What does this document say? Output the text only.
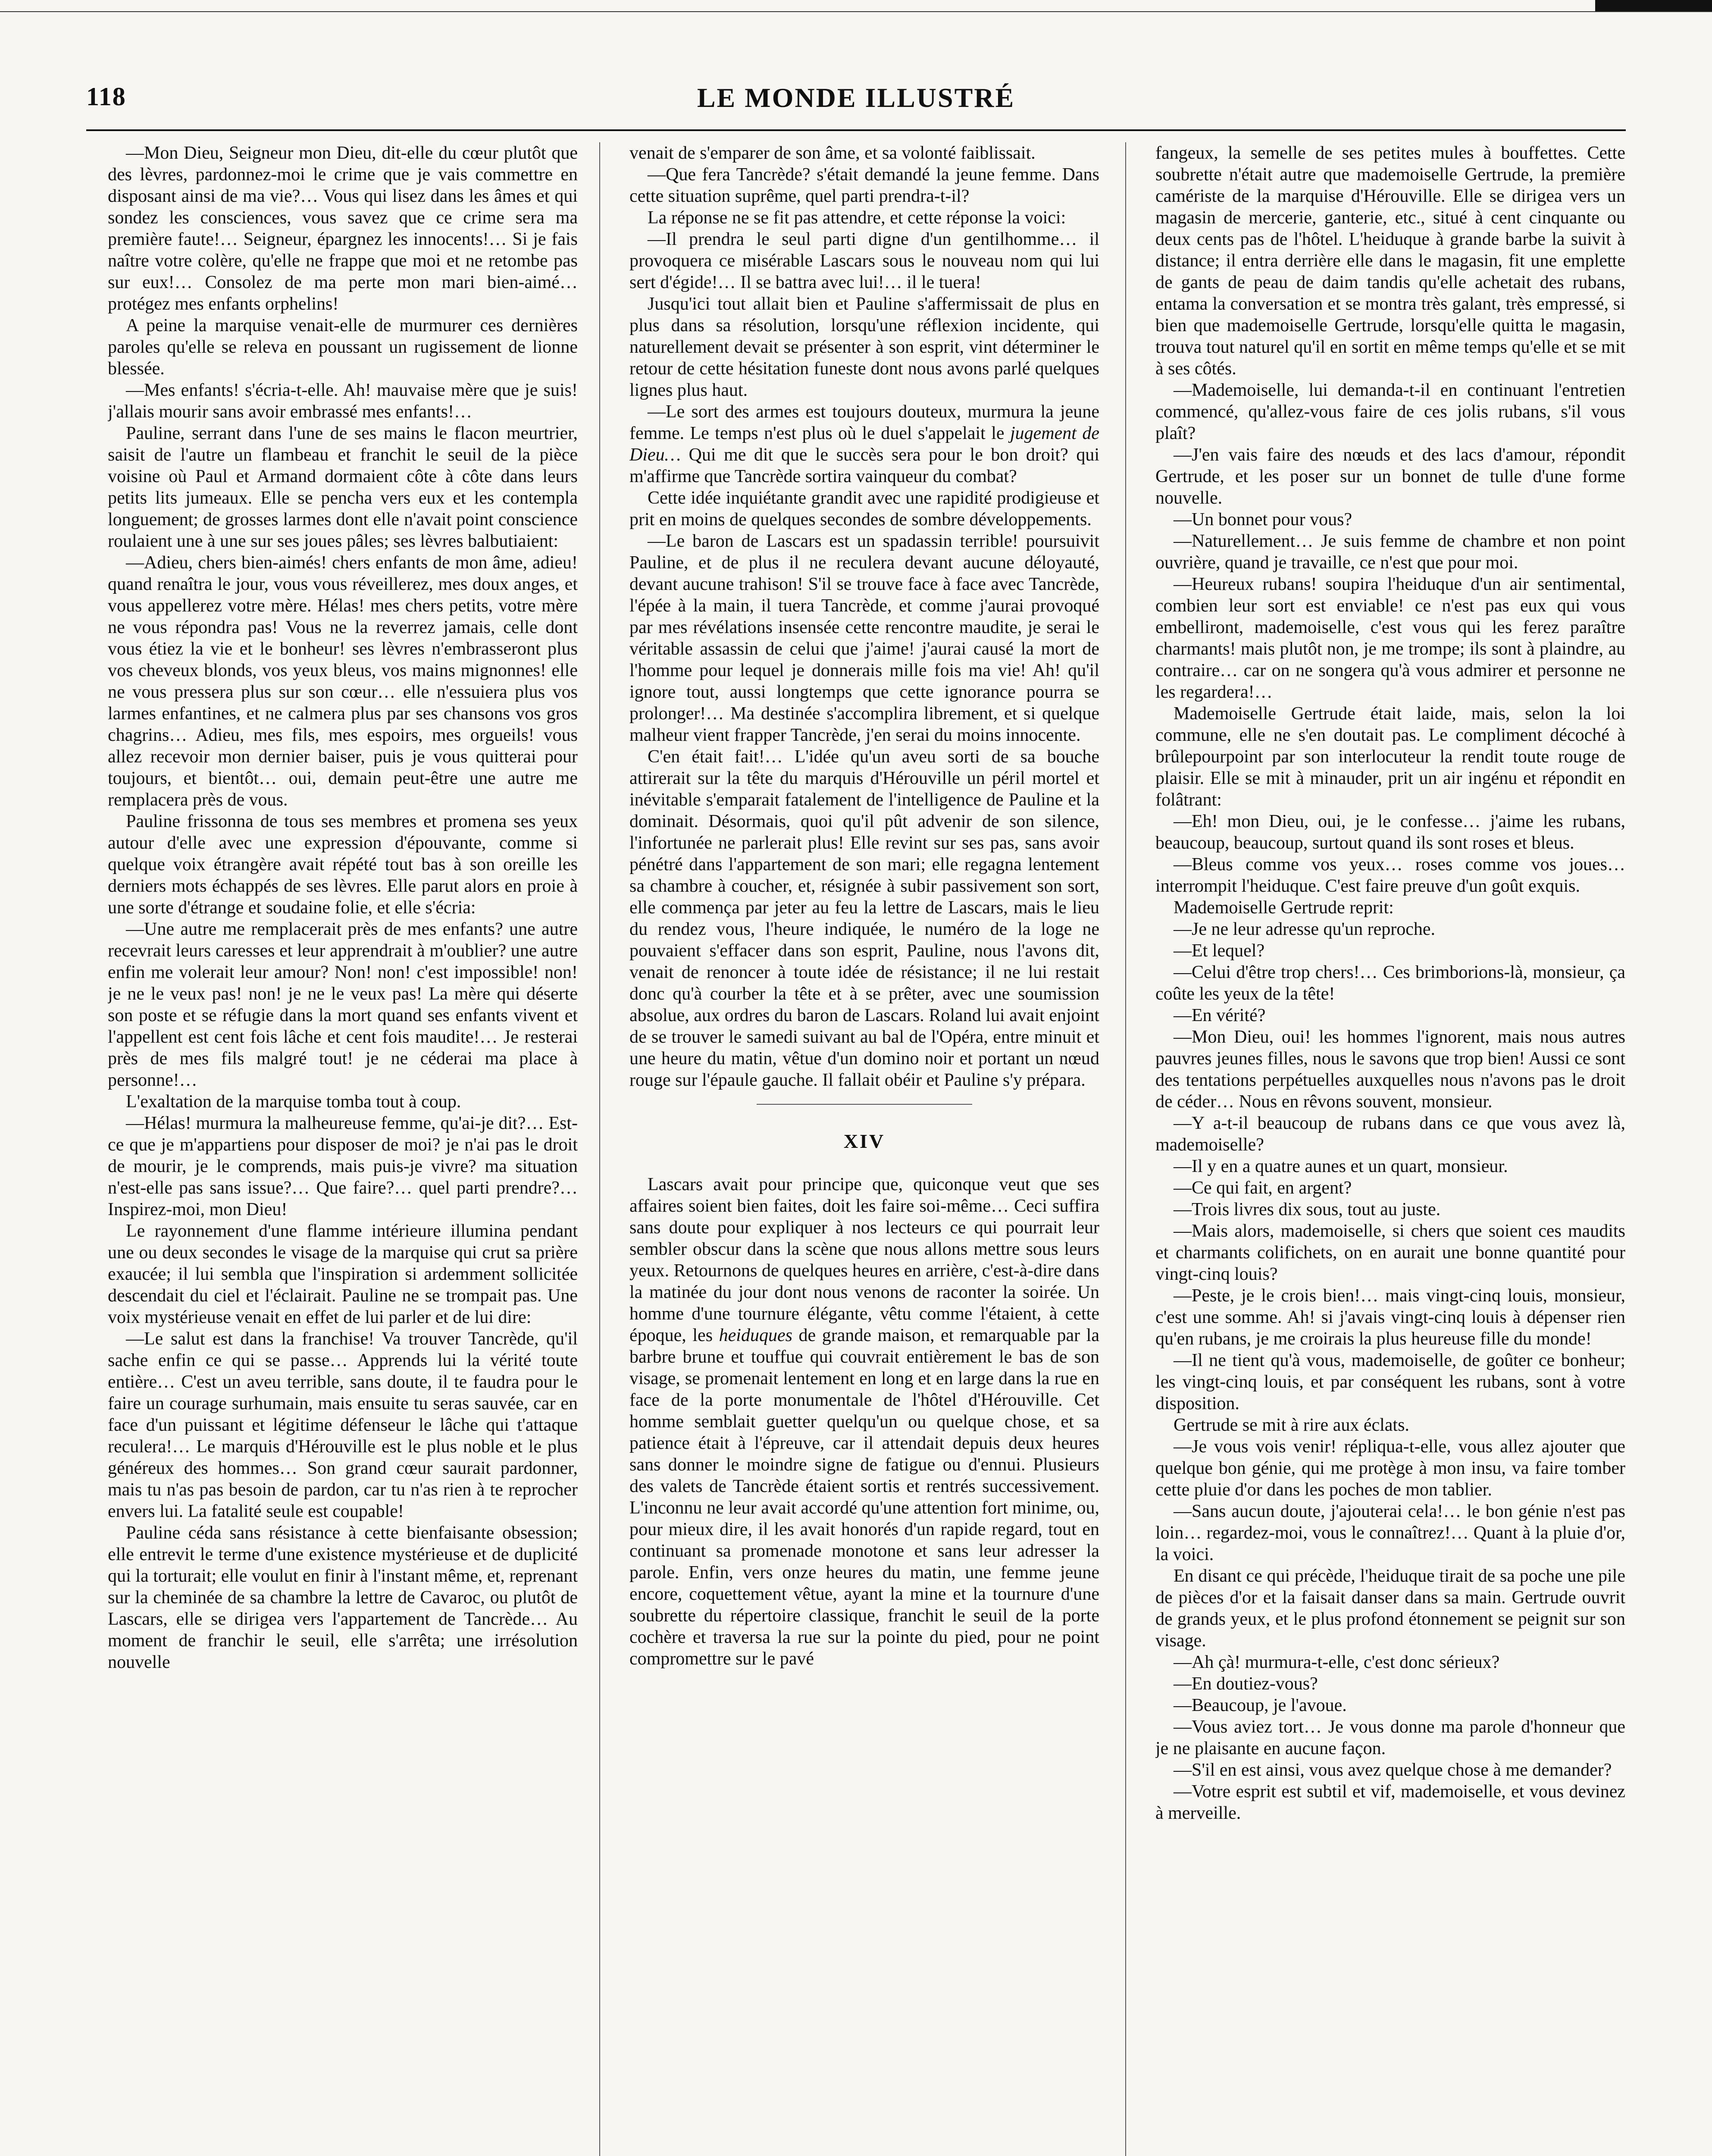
118	LE MONDE ILLUSTRÉ

—Mon Dieu, Seigneur mon Dieu, dit-elle du cœur plutôt que des lèvres, pardonnez-moi le crime que je vais commettre en disposant ainsi de ma vie?… Vous qui lisez dans les âmes et qui sondez les consciences, vous savez que ce crime sera ma première faute!… Seigneur, épargnez les innocents!… Si je fais naître votre colère, qu'elle ne frappe que moi et ne retombe pas sur eux!… Consolez de ma perte mon mari bien-aimé… protégez mes enfants orphelins!

A peine la marquise venait-elle de murmurer ces dernières paroles qu'elle se releva en poussant un rugissement de lionne blessée.

—Mes enfants! s'écria-t-elle. Ah! mauvaise mère que je suis! j'allais mourir sans avoir embrassé mes enfants!…

Pauline, serrant dans l'une de ses mains le flacon meurtrier, saisit de l'autre un flambeau et franchit le seuil de la pièce voisine où Paul et Armand dormaient côte à côte dans leurs petits lits jumeaux. Elle se pencha vers eux et les contempla longuement; de grosses larmes dont elle n'avait point conscience roulaient une à une sur ses joues pâles; ses lèvres balbutiaient:

—Adieu, chers bien-aimés! chers enfants de mon âme, adieu! quand renaîtra le jour, vous vous réveillerez, mes doux anges, et vous appellerez votre mère. Hélas! mes chers petits, votre mère ne vous répondra pas! Vous ne la reverrez jamais, celle dont vous étiez la vie et le bonheur! ses lèvres n'embrasseront plus vos cheveux blonds, vos yeux bleus, vos mains mignonnes! elle ne vous pressera plus sur son cœur… elle n'essuiera plus vos larmes enfantines, et ne calmera plus par ses chansons vos gros chagrins… Adieu, mes fils, mes espoirs, mes orgueils! vous allez recevoir mon dernier baiser, puis je vous quitterai pour toujours, et bientôt… oui, demain peut-être une autre me remplacera près de vous.

Pauline frissonna de tous ses membres et promena ses yeux autour d'elle avec une expression d'épouvante, comme si quelque voix étrangère avait répété tout bas à son oreille les derniers mots échappés de ses lèvres. Elle parut alors en proie à une sorte d'étrange et soudaine folie, et elle s'écria:

—Une autre me remplacerait près de mes enfants? une autre recevrait leurs caresses et leur apprendrait à m'oublier? une autre enfin me volerait leur amour? Non! non! c'est impossible! non! je ne le veux pas! non! je ne le veux pas! La mère qui déserte son poste et se réfugie dans la mort quand ses enfants vivent et l'appellent est cent fois lâche et cent fois maudite!… Je resterai près de mes fils malgré tout! je ne céderai ma place à personne!…

L'exaltation de la marquise tomba tout à coup.

—Hélas! murmura la malheureuse femme, qu'ai-je dit?… Est-ce que je m'appartiens pour disposer de moi? je n'ai pas le droit de mourir, je le comprends, mais puis-je vivre? ma situation n'est-elle pas sans issue?… Que faire?… quel parti prendre?… Inspirez-moi, mon Dieu!

Le rayonnement d'une flamme intérieure illumina pendant une ou deux secondes le visage de la marquise qui crut sa prière exaucée; il lui sembla que l'inspiration si ardemment sollicitée descendait du ciel et l'éclairait. Pauline ne se trompait pas. Une voix mystérieuse venait en effet de lui parler et de lui dire:

—Le salut est dans la franchise! Va trouver Tancrède, qu'il sache enfin ce qui se passe… Apprends lui la vérité toute entière… C'est un aveu terrible, sans doute, il te faudra pour le faire un courage surhumain, mais ensuite tu seras sauvée, car en face d'un puissant et légitime défenseur le lâche qui t'attaque reculera!… Le marquis d'Hérouville est le plus noble et le plus généreux des hommes… Son grand cœur saurait pardonner, mais tu n'as pas besoin de pardon, car tu n'as rien à te reprocher envers lui. La fatalité seule est coupable!

Pauline céda sans résistance à cette bienfaisante obsession; elle entrevit le terme d'une existence mystérieuse et de duplicité qui la torturait; elle voulut en finir à l'instant même, et, reprenant sur la cheminée de sa chambre la lettre de Cavaroc, ou plutôt de Lascars, elle se dirigea vers l'appartement de Tancrède… Au moment de franchir le seuil, elle s'arrêta; une irrésolution nouvelle

venait de s'emparer de son âme, et sa volonté faiblissait.

—Que fera Tancrède? s'était demandé la jeune femme. Dans cette situation suprême, quel parti prendra-t-il?

La réponse ne se fit pas attendre, et cette réponse la voici:

—Il prendra le seul parti digne d'un gentilhomme… il provoquera ce misérable Lascars sous le nouveau nom qui lui sert d'égide!… Il se battra avec lui!… il le tuera!

Jusqu'ici tout allait bien et Pauline s'affermissait de plus en plus dans sa résolution, lorsqu'une réflexion incidente, qui naturellement devait se présenter à son esprit, vint déterminer le retour de cette hésitation funeste dont nous avons parlé quelques lignes plus haut.

—Le sort des armes est toujours douteux, murmura la jeune femme. Le temps n'est plus où le duel s'appelait le jugement de Dieu… Qui me dit que le succès sera pour le bon droit? qui m'affirme que Tancrède sortira vainqueur du combat?

Cette idée inquiétante grandit avec une rapidité prodigieuse et prit en moins de quelques secondes de sombre développements.

—Le baron de Lascars est un spadassin terrible! poursuivit Pauline, et de plus il ne reculera devant aucune déloyauté, devant aucune trahison! S'il se trouve face à face avec Tancrède, l'épée à la main, il tuera Tancrède, et comme j'aurai provoqué par mes révélations insensée cette rencontre maudite, je serai le véritable assassin de celui que j'aime! j'aurai causé la mort de l'homme pour lequel je donnerais mille fois ma vie! Ah! qu'il ignore tout, aussi longtemps que cette ignorance pourra se prolonger!… Ma destinée s'accomplira librement, et si quelque malheur vient frapper Tancrède, j'en serai du moins innocente.

C'en était fait!… L'idée qu'un aveu sorti de sa bouche attirerait sur la tête du marquis d'Hérouville un péril mortel et inévitable s'emparait fatalement de l'intelligence de Pauline et la dominait. Désormais, quoi qu'il pût advenir de son silence, l'infortunée ne parlerait plus! Elle revint sur ses pas, sans avoir pénétré dans l'appartement de son mari; elle regagna lentement sa chambre à coucher, et, résignée à subir passivement son sort, elle commença par jeter au feu la lettre de Lascars, mais le lieu du rendez vous, l'heure indiquée, le numéro de la loge ne pouvaient s'effacer dans son esprit, Pauline, nous l'avons dit, venait de renoncer à toute idée de résistance; il ne lui restait donc qu'à courber la tête et à se prêter, avec une soumission absolue, aux ordres du baron de Lascars. Roland lui avait enjoint de se trouver le samedi suivant au bal de l'Opéra, entre minuit et une heure du matin, vêtue d'un domino noir et portant un nœud rouge sur l'épaule gauche. Il fallait obéir et Pauline s'y prépara.

XIV

Lascars avait pour principe que, quiconque veut que ses affaires soient bien faites, doit les faire soi-même… Ceci suffira sans doute pour expliquer à nos lecteurs ce qui pourrait leur sembler obscur dans la scène que nous allons mettre sous leurs yeux. Retournons de quelques heures en arrière, c'est-à-dire dans la matinée du jour dont nous venons de raconter la soirée. Un homme d'une tournure élégante, vêtu comme l'étaient, à cette époque, les heiduques de grande maison, et remarquable par la barbre brune et touffue qui couvrait entièrement le bas de son visage, se promenait lentement en long et en large dans la rue en face de la porte monumentale de l'hôtel d'Hérouville. Cet homme semblait guetter quelqu'un ou quelque chose, et sa patience était à l'épreuve, car il attendait depuis deux heures sans donner le moindre signe de fatigue ou d'ennui. Plusieurs des valets de Tancrède étaient sortis et rentrés successivement. L'inconnu ne leur avait accordé qu'une attention fort minime, ou, pour mieux dire, il les avait honorés d'un rapide regard, tout en continuant sa promenade monotone et sans leur adresser la parole. Enfin, vers onze heures du matin, une femme jeune encore, coquettement vêtue, ayant la mine et la tournure d'une soubrette du répertoire classique, franchit le seuil de la porte cochère et traversa la rue sur la pointe du pied, pour ne point compromettre sur le pavé

fangeux, la semelle de ses petites mules à bouffettes. Cette soubrette n'était autre que mademoiselle Gertrude, la première camériste de la marquise d'Hérouville. Elle se dirigea vers un magasin de mercerie, ganterie, etc., situé à cent cinquante ou deux cents pas de l'hôtel. L'heiduque à grande barbe la suivit à distance; il entra derrière elle dans le magasin, fit une emplette de gants de peau de daim tandis qu'elle achetait des rubans, entama la conversation et se montra très galant, très empressé, si bien que mademoiselle Gertrude, lorsqu'elle quitta le magasin, trouva tout naturel qu'il en sortit en même temps qu'elle et se mit à ses côtés.

—Mademoiselle, lui demanda-t-il en continuant l'entretien commencé, qu'allez-vous faire de ces jolis rubans, s'il vous plaît?

—J'en vais faire des nœuds et des lacs d'amour, répondit Gertrude, et les poser sur un bonnet de tulle d'une forme nouvelle.

—Un bonnet pour vous?

—Naturellement… Je suis femme de chambre et non point ouvrière, quand je travaille, ce n'est que pour moi.

—Heureux rubans! soupira l'heiduque d'un air sentimental, combien leur sort est enviable! ce n'est pas eux qui vous embelliront, mademoiselle, c'est vous qui les ferez paraître charmants! mais plutôt non, je me trompe; ils sont à plaindre, au contraire… car on ne songera qu'à vous admirer et personne ne les regardera!…

Mademoiselle Gertrude était laide, mais, selon la loi commune, elle ne s'en doutait pas. Le compliment décoché à brûlepourpoint par son interlocuteur la rendit toute rouge de plaisir. Elle se mit à minauder, prit un air ingénu et répondit en folâtrant:

—Eh! mon Dieu, oui, je le confesse… j'aime les rubans, beaucoup, beaucoup, surtout quand ils sont roses et bleus.

—Bleus comme vos yeux… roses comme vos joues… interrompit l'heiduque. C'est faire preuve d'un goût exquis.

Mademoiselle Gertrude reprit:

—Je ne leur adresse qu'un reproche.

—Et lequel?

—Celui d'être trop chers!… Ces brimborions-là, monsieur, ça coûte les yeux de la tête!

—En vérité?

—Mon Dieu, oui! les hommes l'ignorent, mais nous autres pauvres jeunes filles, nous le savons que trop bien! Aussi ce sont des tentations perpétuelles auxquelles nous n'avons pas le droit de céder… Nous en rêvons souvent, monsieur.

—Y a-t-il beaucoup de rubans dans ce que vous avez là, mademoiselle?

—Il y en a quatre aunes et un quart, monsieur.

—Ce qui fait, en argent?

—Trois livres dix sous, tout au juste.

—Mais alors, mademoiselle, si chers que soient ces maudits et charmants colifichets, on en aurait une bonne quantité pour vingt-cinq louis?

—Peste, je le crois bien!… mais vingt-cinq louis, monsieur, c'est une somme. Ah! si j'avais vingt-cinq louis à dépenser rien qu'en rubans, je me croirais la plus heureuse fille du monde!

—Il ne tient qu'à vous, mademoiselle, de goûter ce bonheur; les vingt-cinq louis, et par conséquent les rubans, sont à votre disposition.

Gertrude se mit à rire aux éclats.

—Je vous vois venir! répliqua-t-elle, vous allez ajouter que quelque bon génie, qui me protège à mon insu, va faire tomber cette pluie d'or dans les poches de mon tablier.

—Sans aucun doute, j'ajouterai cela!… le bon génie n'est pas loin… regardez-moi, vous le connaîtrez!… Quant à la pluie d'or, la voici.

En disant ce qui précède, l'heiduque tirait de sa poche une pile de pièces d'or et la faisait danser dans sa main. Gertrude ouvrit de grands yeux, et le plus profond étonnement se peignit sur son visage.

—Ah çà! murmura-t-elle, c'est donc sérieux?

—En doutiez-vous?

—Beaucoup, je l'avoue.

—Vous aviez tort… Je vous donne ma parole d'honneur que je ne plaisante en aucune façon.

—S'il en est ainsi, vous avez quelque chose à me demander?

—Votre esprit est subtil et vif, mademoiselle, et vous devinez à merveille.
